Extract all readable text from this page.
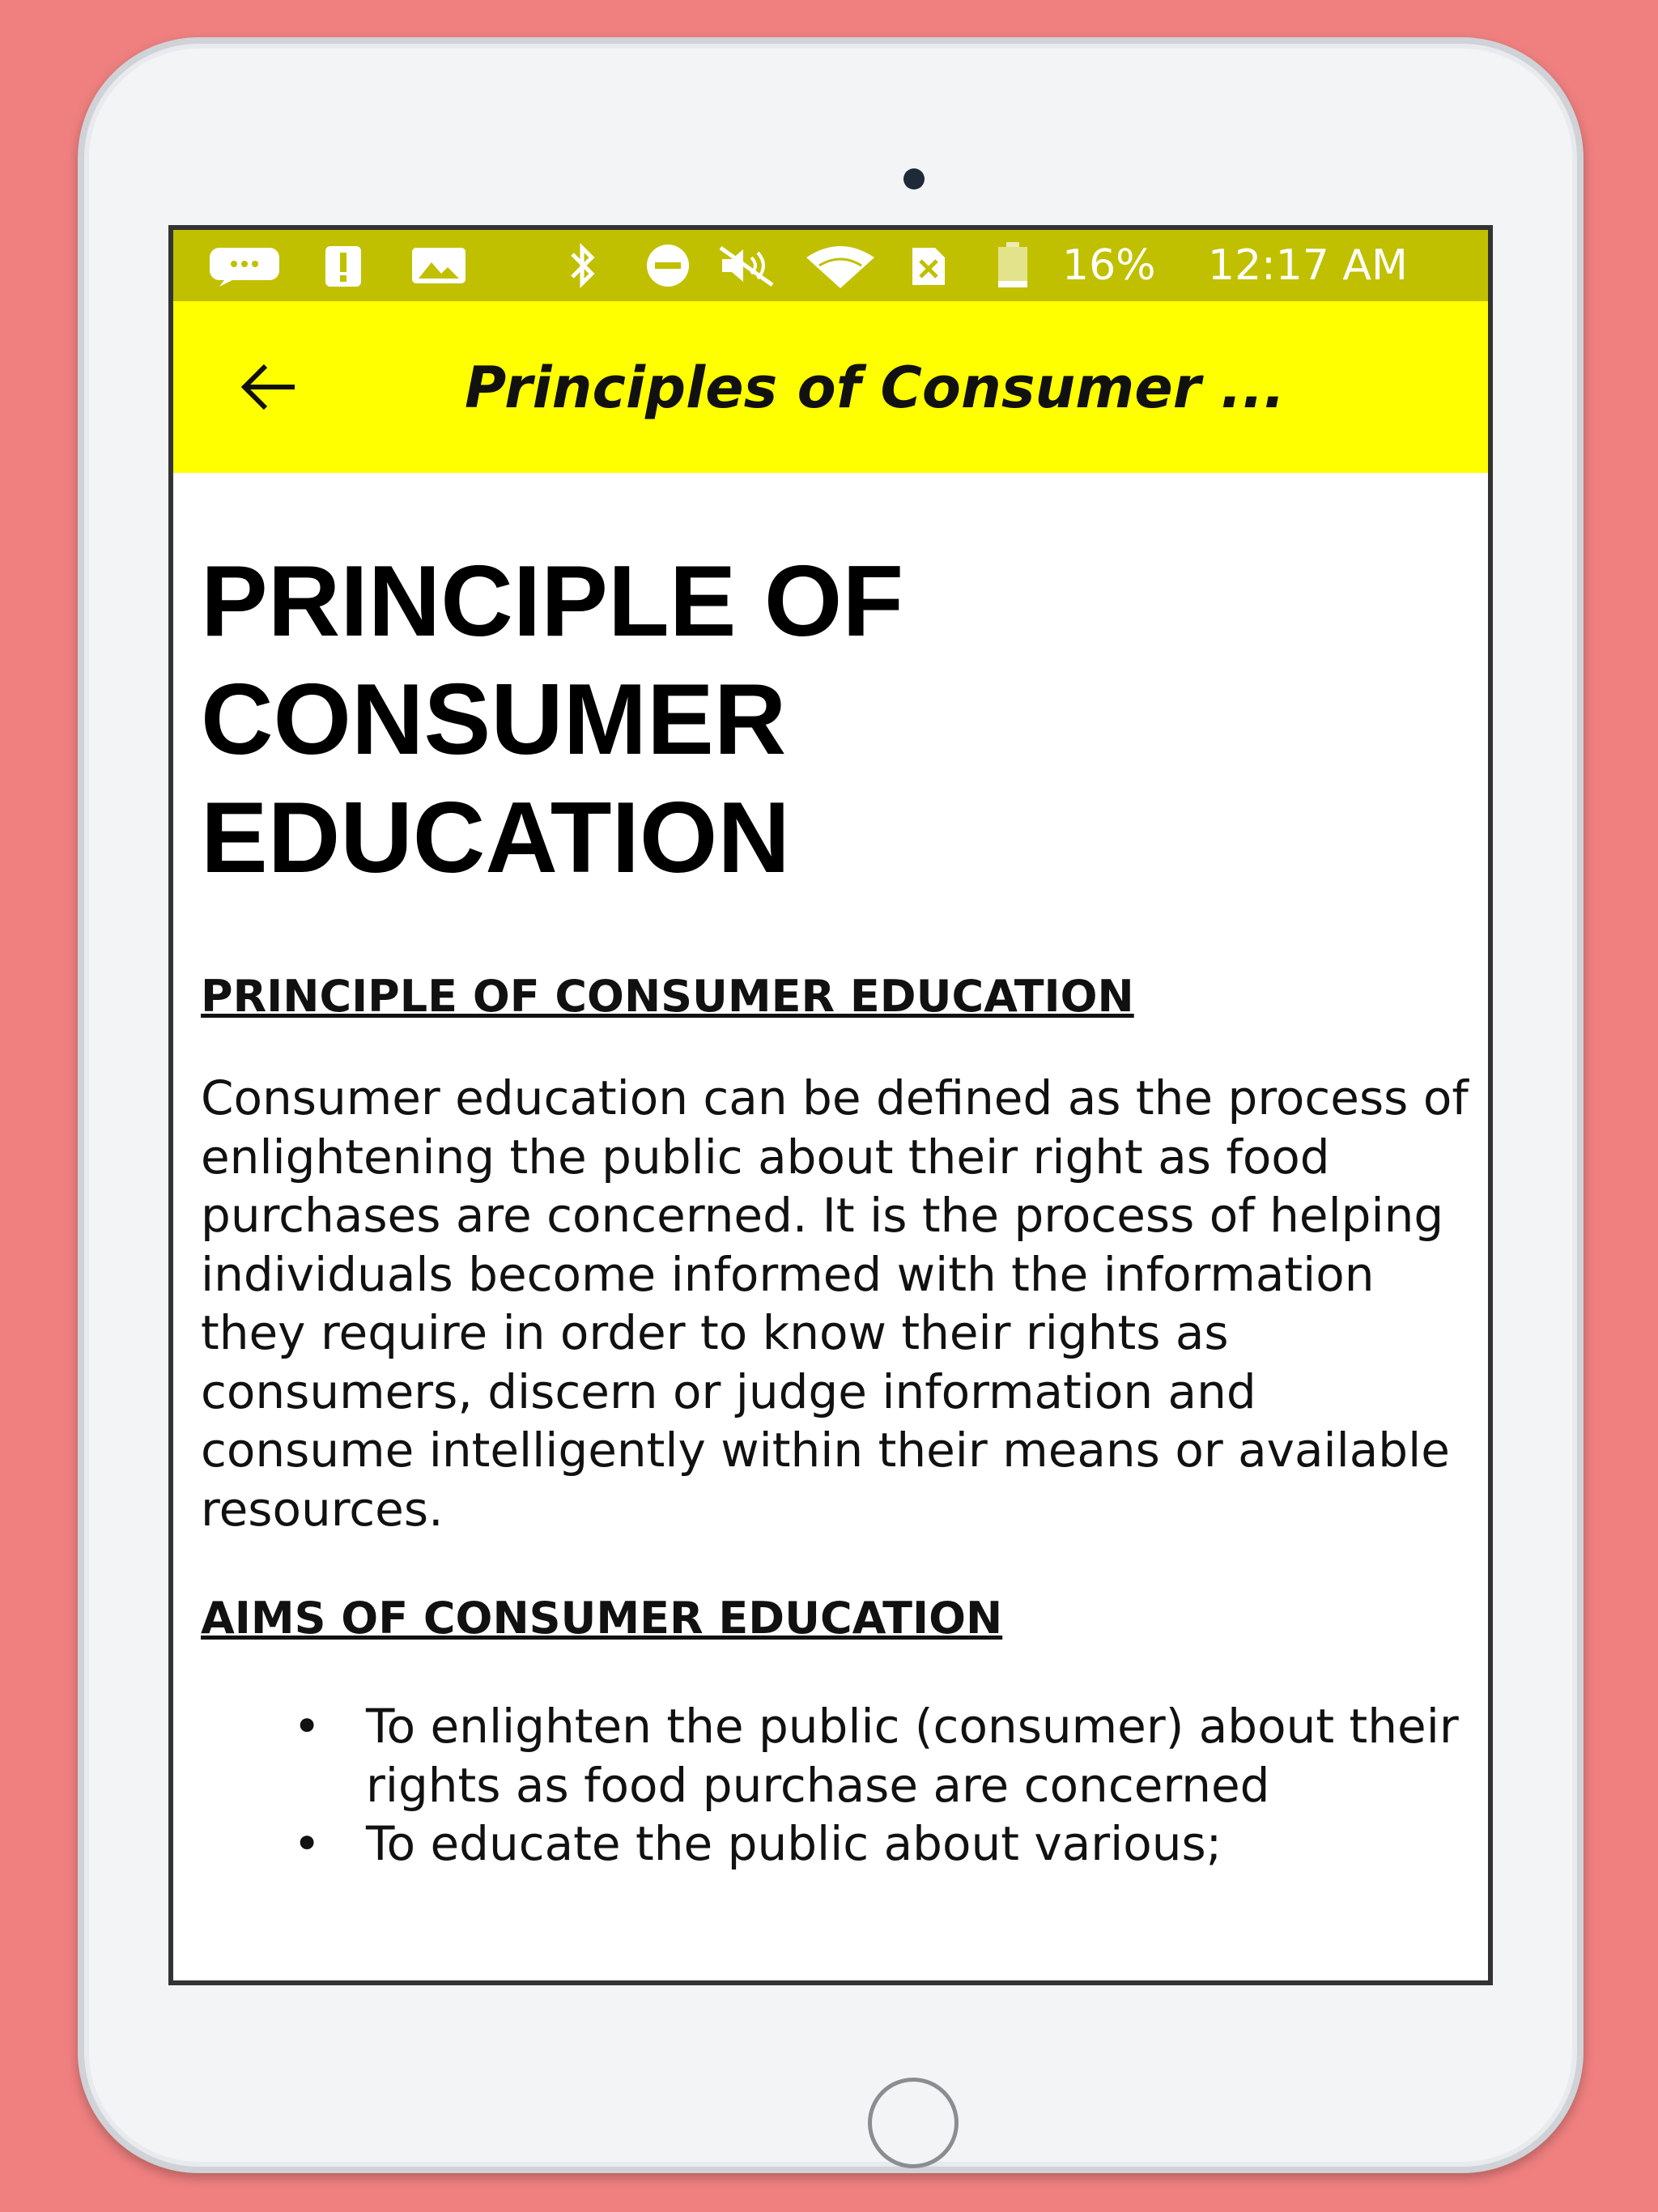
16% 12:17 AM
Principles of Consumer ...
PRINCIPLE OF CONSUMER EDUCATION
PRINCIPLE OF CONSUMER EDUCATION

Consumer education can be defined as the process of enlightening the public about their right as food purchases are concerned. It is the process of helping individuals become informed with the information they require in order to know their rights as consumers, discern or judge information and consume intelligently within their means or available resources.

AIMS OF CONSUMER EDUCATION
• To enlighten the public (consumer) about their rights as food purchase are concerned
• To educate the public about various;
